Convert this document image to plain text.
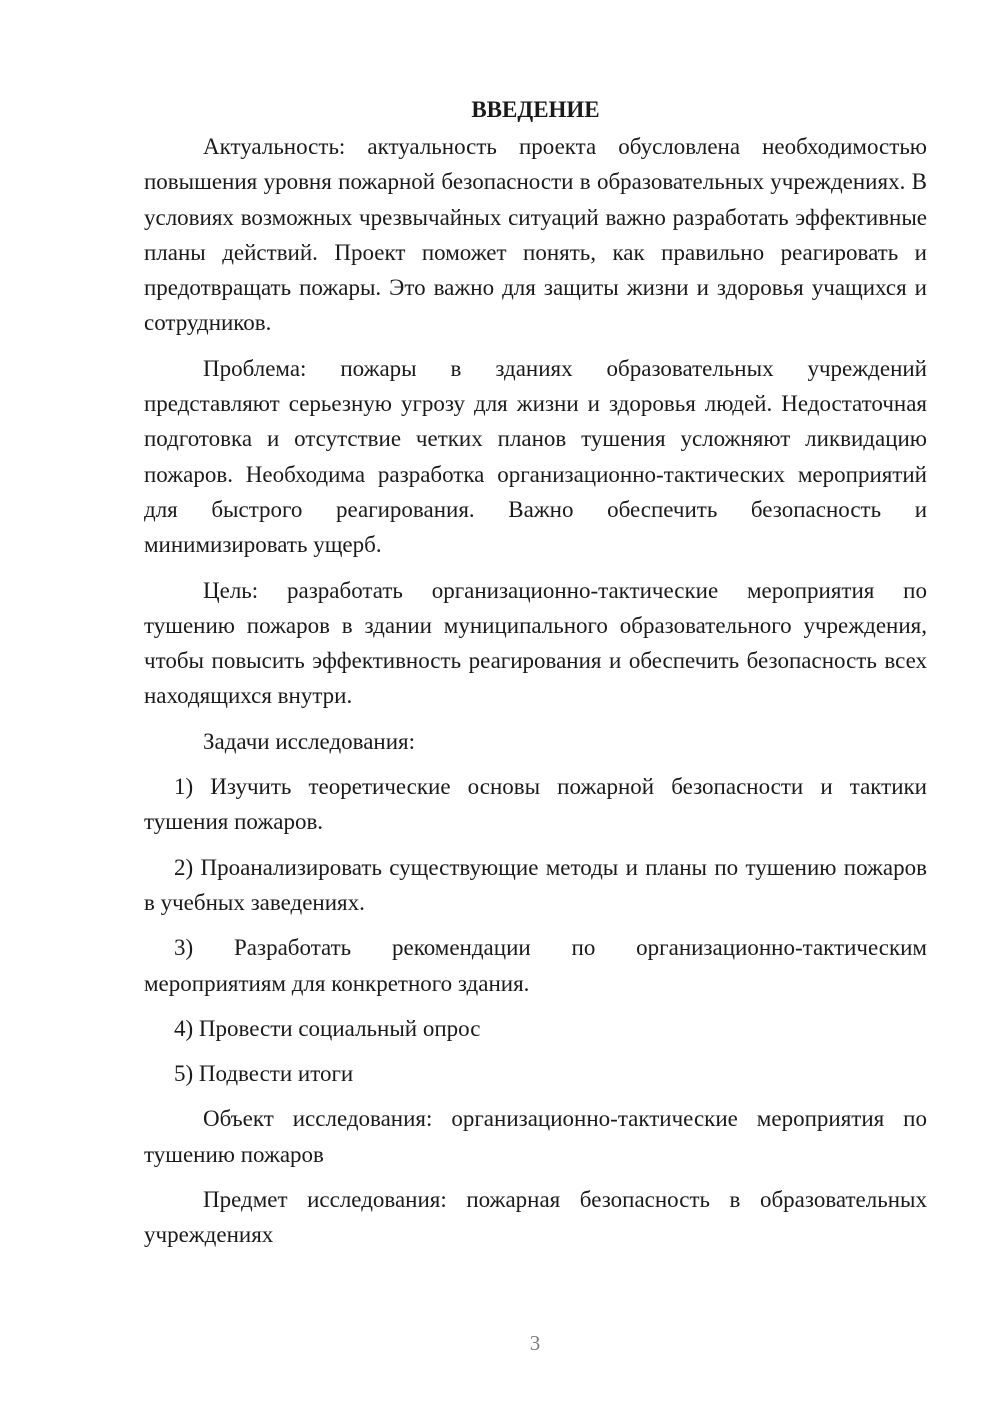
ВВЕДЕНИЕ

Актуальность: актуальность проекта обусловлена необходимостью повышения уровня пожарной безопасности в образовательных учреждениях. В условиях возможных чрезвычайных ситуаций важно разработать эффективные планы действий. Проект поможет понять, как правильно реагировать и предотвращать пожары. Это важно для защиты жизни и здоровья учащихся и сотрудников.

Проблема: пожары в зданиях образовательных учреждений представляют серьезную угрозу для жизни и здоровья людей. Недостаточная подготовка и отсутствие четких планов тушения усложняют ликвидацию пожаров. Необходима разработка организационно-тактических мероприятий для быстрого реагирования. Важно обеспечить безопасность и минимизировать ущерб.

Цель: разработать организационно-тактические мероприятия по тушению пожаров в здании муниципального образовательного учреждения, чтобы повысить эффективность реагирования и обеспечить безопасность всех находящихся внутри.

Задачи исследования:

1) Изучить теоретические основы пожарной безопасности и тактики тушения пожаров.

2) Проанализировать существующие методы и планы по тушению пожаров в учебных заведениях.

3) Разработать рекомендации по организационно-тактическим мероприятиям для конкретного здания.

4) Провести социальный опрос

5) Подвести итоги

Объект исследования: организационно-тактические мероприятия по тушению пожаров

Предмет исследования: пожарная безопасность в образовательных учреждениях

3
